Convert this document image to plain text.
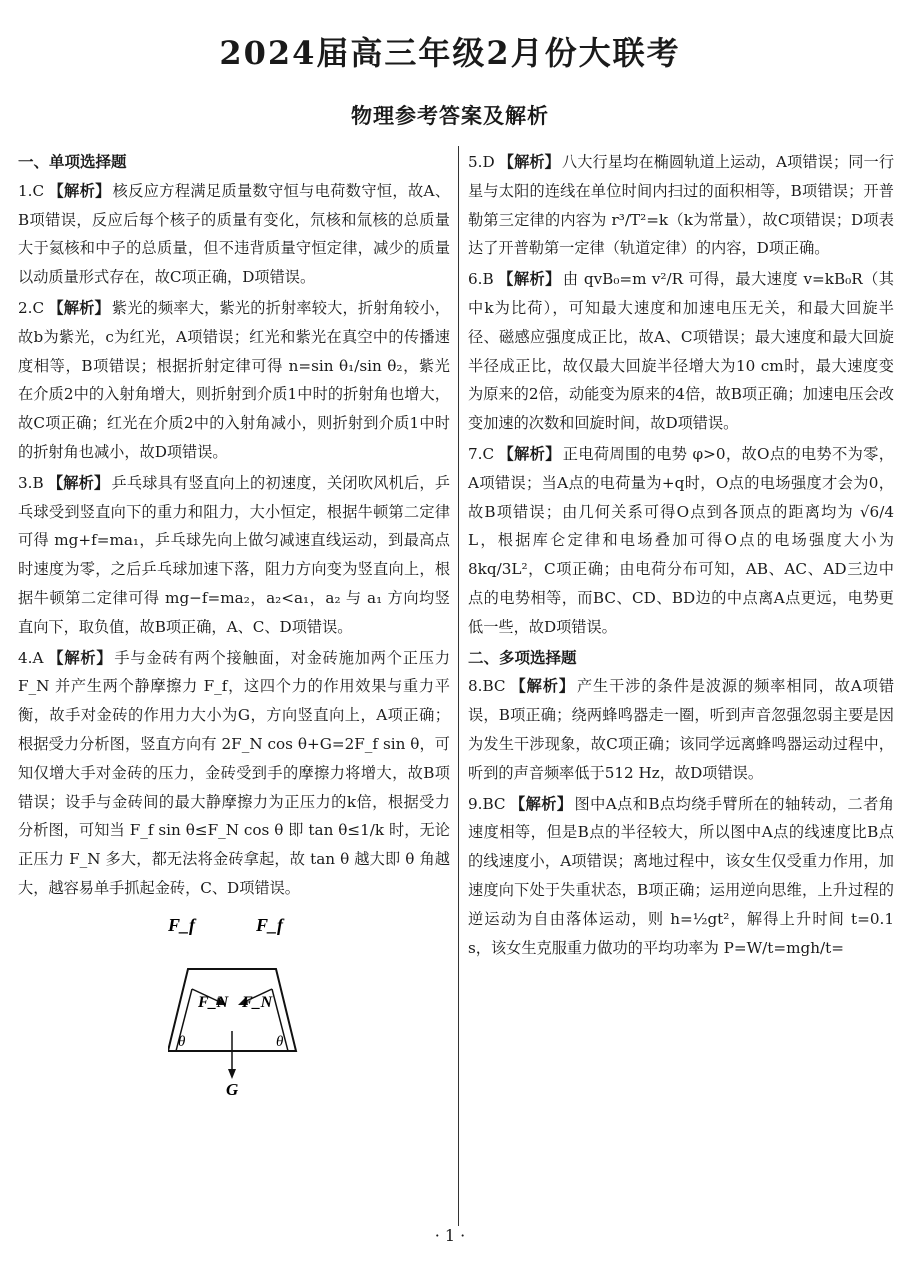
2024届高三年级2月份大联考
物理参考答案及解析

一、单项选择题

1.C 【解析】 核反应方程满足质量数守恒与电荷数守恒，故A、B项错误，反应后每个核子的质量有变化，氘核和氚核的总质量大于氦核和中子的总质量，但不违背质量守恒定律，减少的质量以动质量形式存在，故C项正确，D项错误。

2.C 【解析】 紫光的频率大，紫光的折射率较大，折射角较小，故b为紫光，c为红光，A项错误；红光和紫光在真空中的传播速度相等，B项错误；根据折射定律可得 n=sin θ₁/sin θ₂，紫光在介质2中的入射角增大，则折射到介质1中时的折射角也增大，故C项正确；红光在介质2中的入射角减小，则折射到介质1中时的折射角也减小，故D项错误。

3.B 【解析】 乒乓球具有竖直向上的初速度，关闭吹风机后，乒乓球受到竖直向下的重力和阻力，大小恒定，根据牛顿第二定律可得 mg+f=ma₁，乒乓球先向上做匀减速直线运动，到最高点时速度为零，之后乒乓球加速下落，阻力方向变为竖直向上，根据牛顿第二定律可得 mg−f=ma₂，a₂<a₁，a₂ 与 a₁ 方向均竖直向下，取负值，故B项正确，A、C、D项错误。

4.A 【解析】 手与金砖有两个接触面，对金砖施加两个正压力 F_N 并产生两个静摩擦力 F_f，这四个力的作用效果与重力平衡，故手对金砖的作用力大小为G，方向竖直向上，A项正确；根据受力分析图，竖直方向有 2F_N cos θ+G=2F_f sin θ，可知仅增大手对金砖的压力，金砖受到手的摩擦力将增大，故B项错误；设手与金砖间的最大静摩擦力为正压力的k倍，根据受力分析图，可知当 F_f sin θ≤F_N cos θ 即 tan θ≤1/k 时，无论正压力 F_N 多大，都无法将金砖拿起，故 tan θ 越大即 θ 角越大，越容易单手抓起金砖，C、D项错误。

F_f	F_f
F_N F_N
θ	θ
G

5.D 【解析】 八大行星均在椭圆轨道上运动，A项错误；同一行星与太阳的连线在单位时间内扫过的面积相等，B项错误；开普勒第三定律的内容为 r³/T²=k（k为常量），故C项错误；D项表达了开普勒第一定律（轨道定律）的内容，D项正确。

6.B 【解析】 由 qvB₀=m v²/R 可得，最大速度 v=kB₀R（其中k为比荷），可知最大速度和加速电压无关，和最大回旋半径、磁感应强度成正比，故A、C项错误；最大速度和最大回旋半径成正比，故仅最大回旋半径增大为10 cm时，最大速度变为原来的2倍，动能变为原来的4倍，故B项正确；加速电压会改变加速的次数和回旋时间，故D项错误。

7.C 【解析】 正电荷周围的电势 φ>0，故O点的电势不为零，A项错误；当A点的电荷量为+q时，O点的电场强度才会为0，故B项错误；由几何关系可得O点到各顶点的距离均为 √6/4 L，根据库仑定律和电场叠加可得O点的电场强度大小为 8kq/3L²，C项正确；由电荷分布可知，AB、AC、AD三边中点的电势相等，而BC、CD、BD边的中点离A点更远，电势更低一些，故D项错误。

二、多项选择题

8.BC 【解析】 产生干涉的条件是波源的频率相同，故A项错误，B项正确；绕两蜂鸣器走一圈，听到声音忽强忽弱主要是因为发生干涉现象，故C项正确；该同学远离蜂鸣器运动过程中，听到的声音频率低于512 Hz，故D项错误。

9.BC 【解析】 图中A点和B点均绕手臂所在的轴转动，二者角速度相等，但是B点的半径较大，所以图中A点的线速度比B点的线速度小，A项错误；离地过程中，该女生仅受重力作用，加速度向下处于失重状态，B项正确；运用逆向思维，上升过程的逆运动为自由落体运动，则 h=½gt²，解得上升时间 t=0.1 s，该女生克服重力做功的平均功率为 P=W/t=mgh/t=

· 1 ·
